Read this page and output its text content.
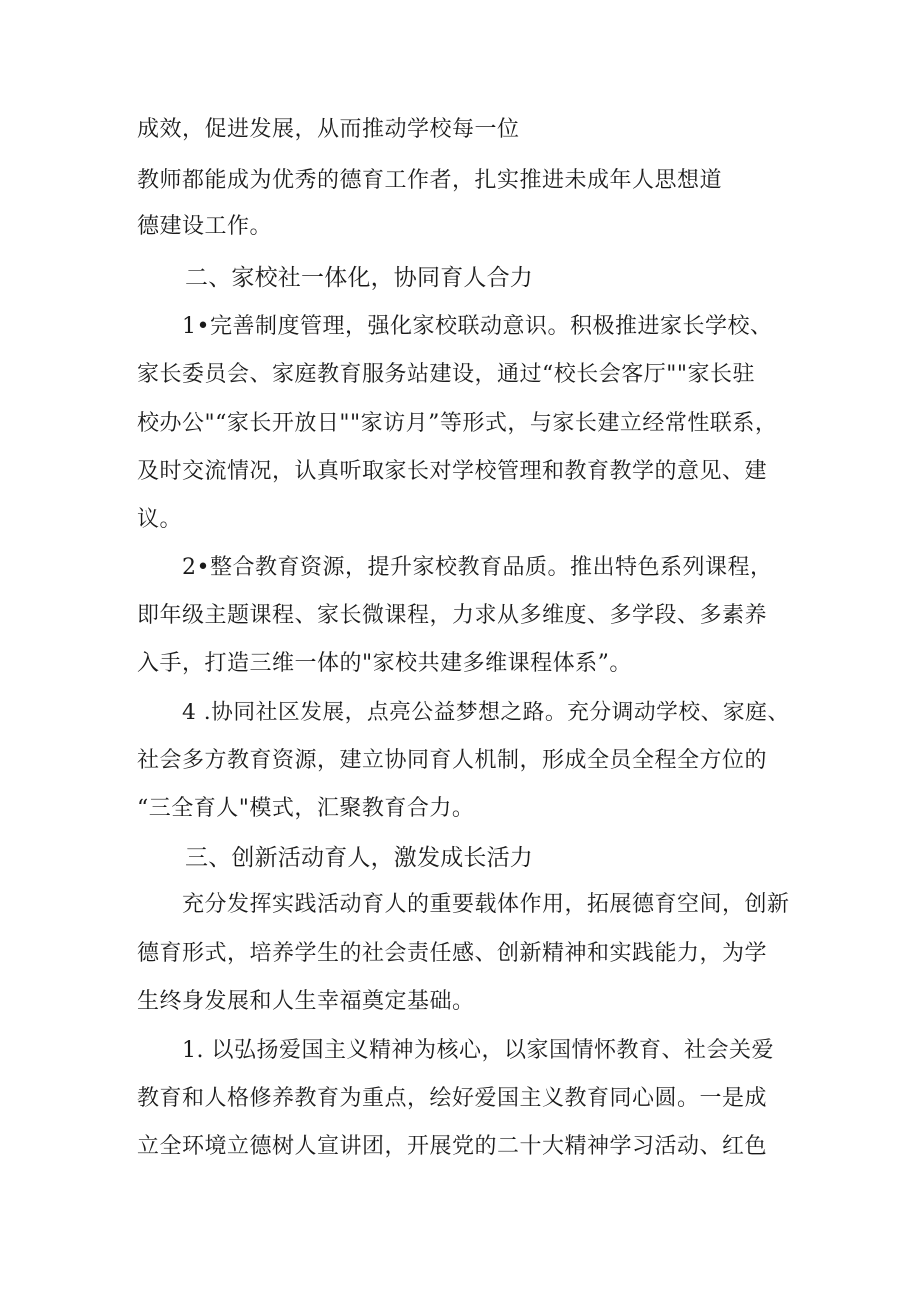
成效，促进发展，从而推动学校每一位
教师都能成为优秀的德育工作者，扎实推进未成年人思想道
德建设工作。
二、家校社一体化，协同育人合力
1•完善制度管理，强化家校联动意识。积极推进家长学校、
家长委员会、家庭教育服务站建设，通过“校长会客厅""家长驻
校办公"“家长开放日""家访月”等形式，与家长建立经常性联系，
及时交流情况，认真听取家长对学校管理和教育教学的意见、建
议。
2•整合教育资源，提升家校教育品质。推出特色系列课程，
即年级主题课程、家长微课程，力求从多维度、多学段、多素养
入手，打造三维一体的"家校共建多维课程体系”。
4 .协同社区发展，点亮公益梦想之路。充分调动学校、家庭、
社会多方教育资源，建立协同育人机制，形成全员全程全方位的
“三全育人"模式，汇聚教育合力。
三、创新活动育人，激发成长活力
充分发挥实践活动育人的重要载体作用，拓展德育空间，创新
德育形式，培养学生的社会责任感、创新精神和实践能力，为学
生终身发展和人生幸福奠定基础。
1. 以弘扬爱国主义精神为核心，以家国情怀教育、社会关爱
教育和人格修养教育为重点，绘好爱国主义教育同心圆。一是成
立全环境立德树人宣讲团，开展党的二十大精神学习活动、红色
